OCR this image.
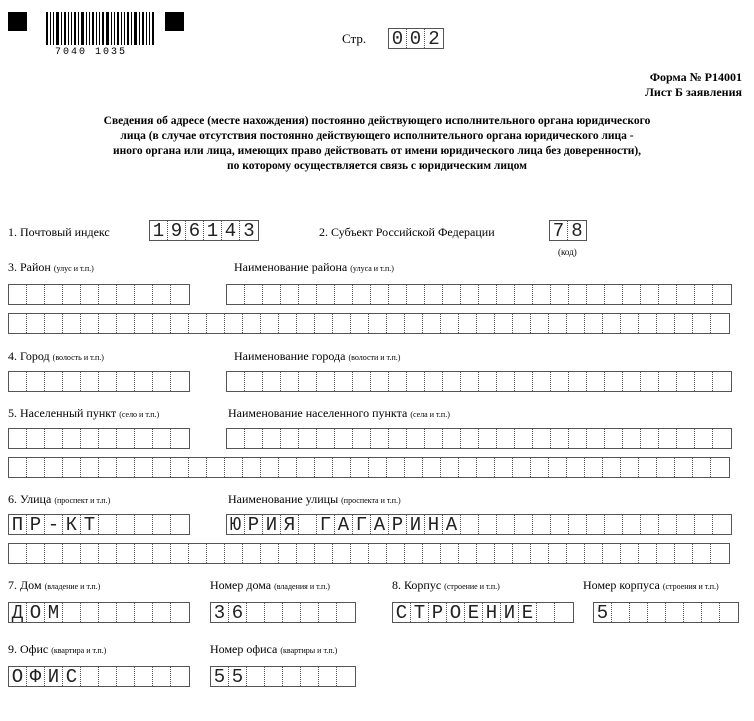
7040 1035
Стр. 0 0 2
Форма № Р14001
Лист Б заявления
Сведения об адресе (месте нахождения) постоянно действующего исполнительного органа юридического
лица (в случае отсутствия постоянно действующего исполнительного органа юридического лица -
иного органа или лица, имеющих право действовать от имени юридического лица без доверенности),
по которому осуществляется связь с юридическим лицом
1. Почтовый индекс 1 9 6 1 4 3	2. Субъект Российской Федерации	7 8
(код)
3. Район (улус и т.п.)	Наименование района (улуса и т.п.)
4. Город (волость и т.п.)	Наименование города (волости и т.п.)
5. Населенный пункт (село и т.п.)	Наименование населенного пункта (села и т.п.)
6. Улица (проспект и т.п.)	Наименование улицы (проспекта и т.п.)
П Р - К Т	Ю Р И Я Г А Г А Р И Н А
7. Дом (владение и т.п.)	Номер дома (владения и т.п.)	8. Корпус (строение и т.п.)	Номер корпуса (строения и т.п.)
Д О М	3 6	С Т Р О Е Н И Е	5
9. Офис (квартира и т.п.)	Номер офиса (квартиры и т.п.)
О Ф И С	5 5
